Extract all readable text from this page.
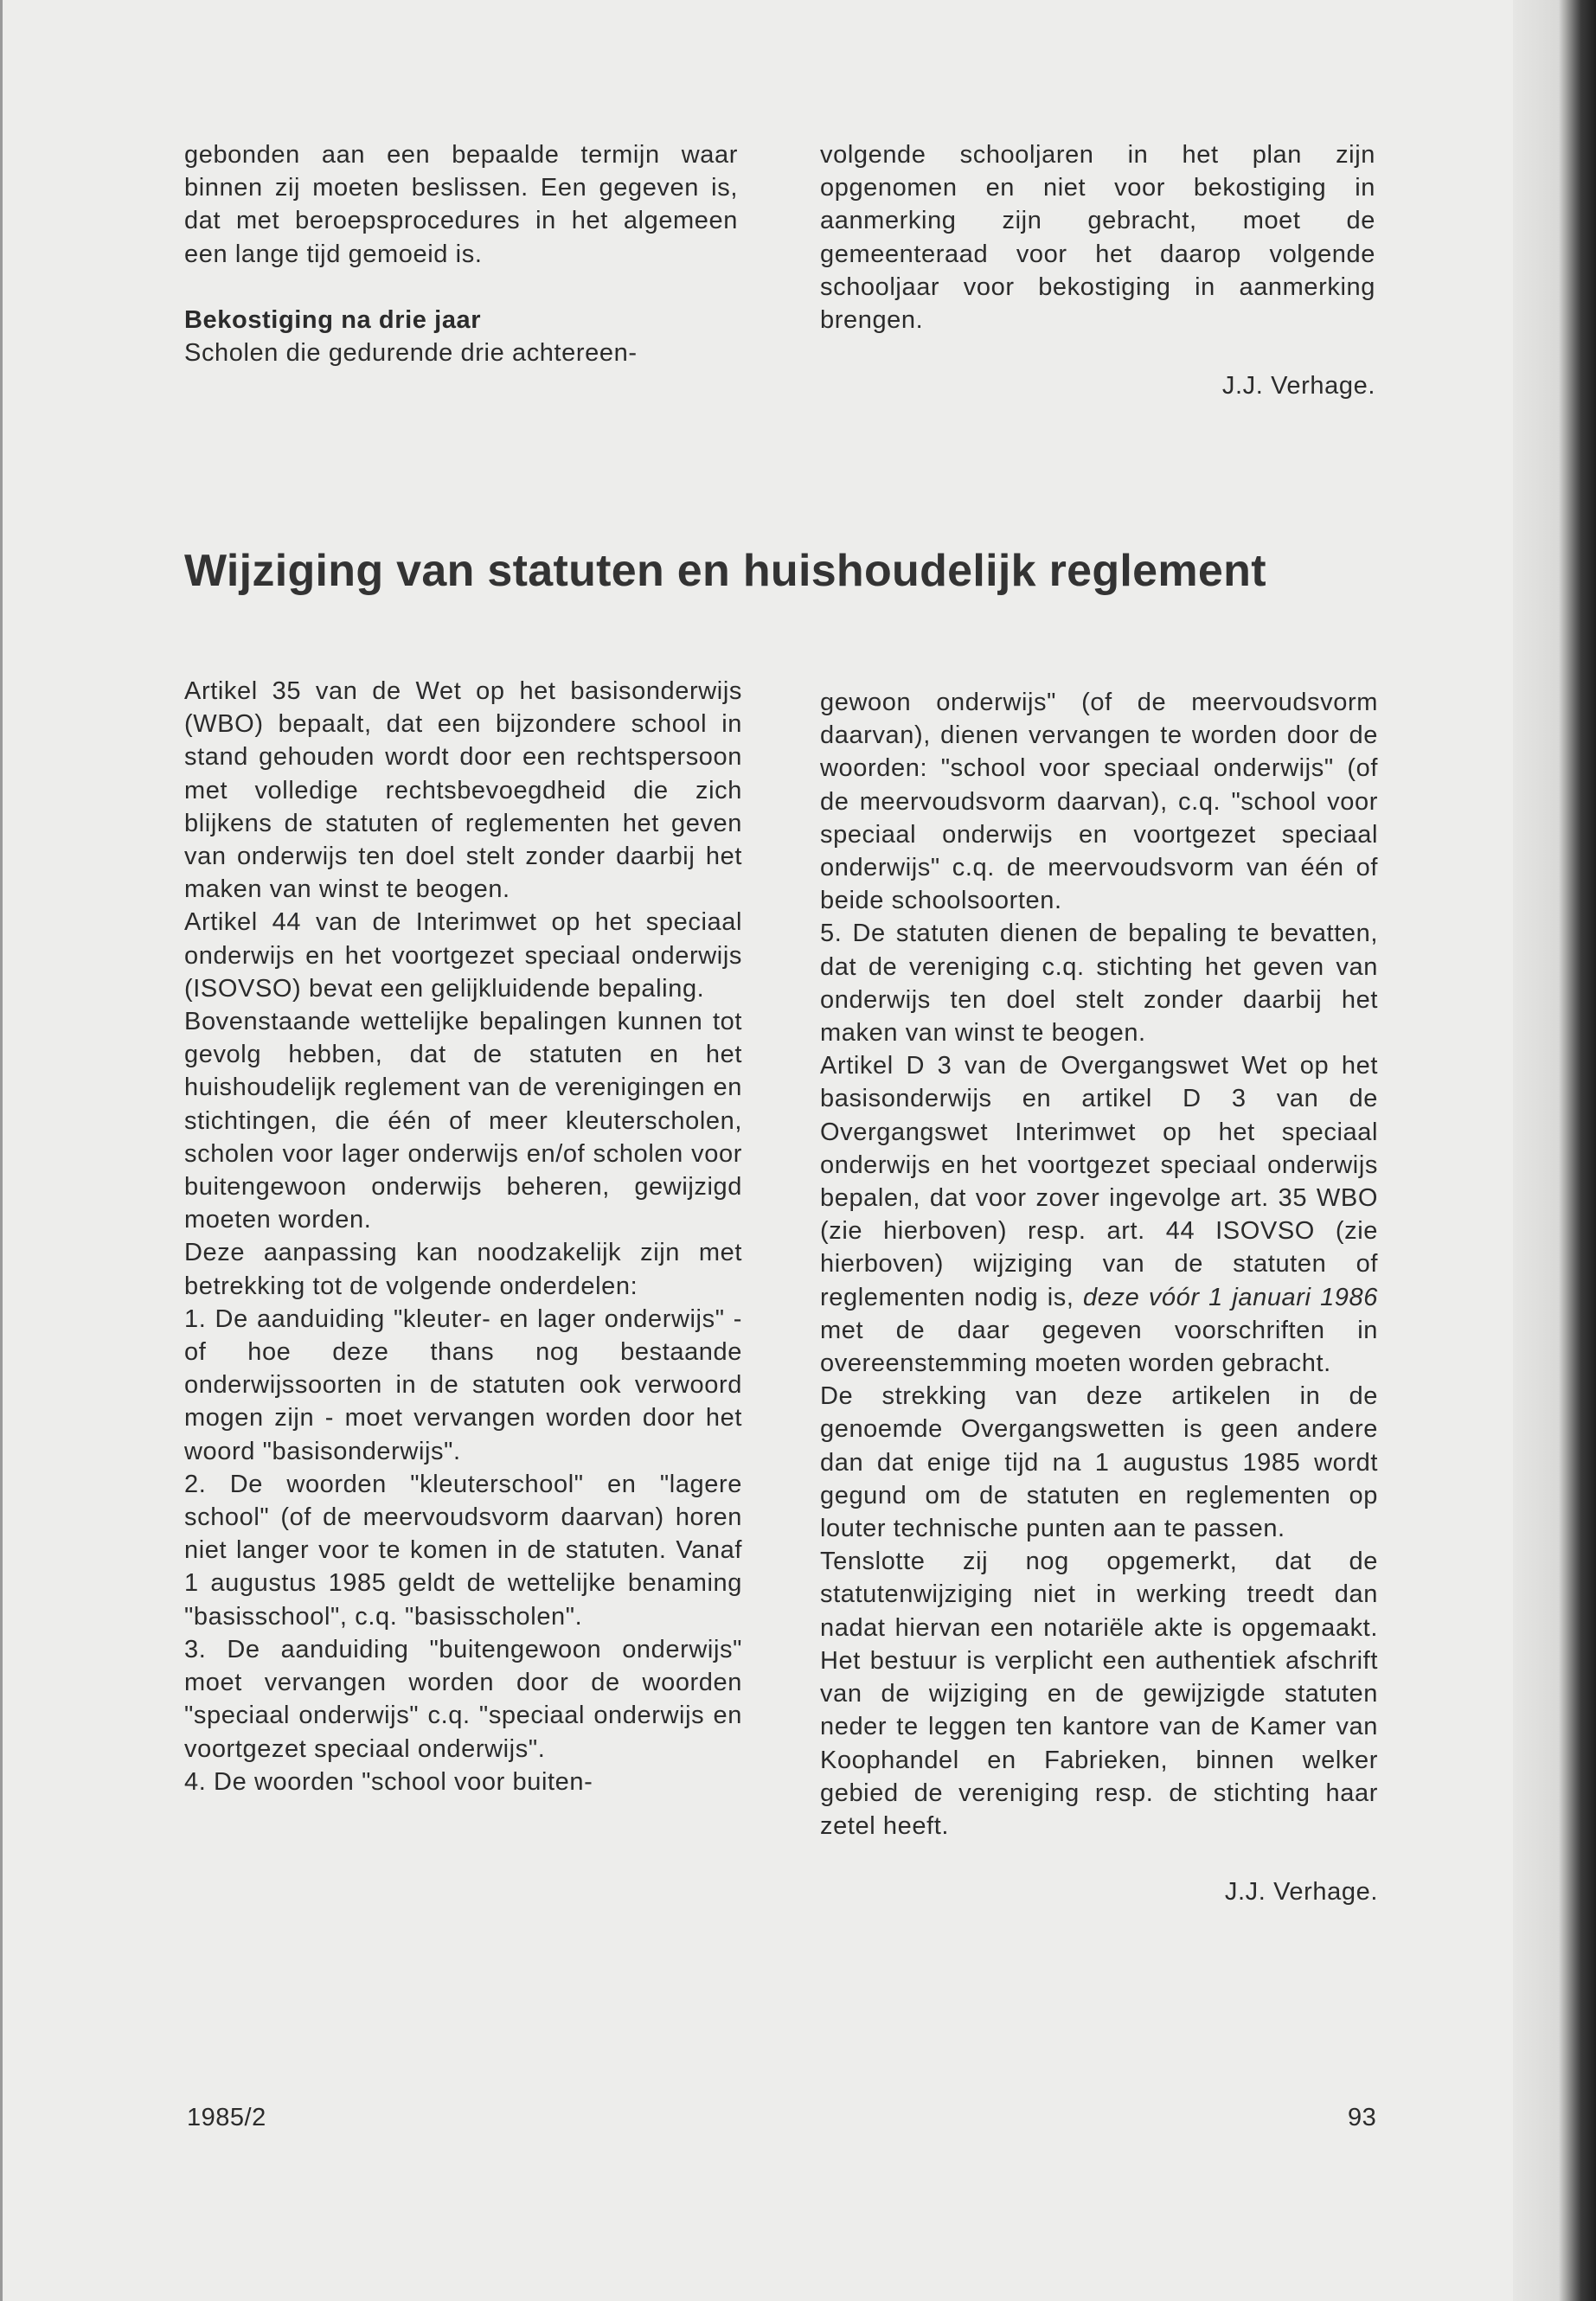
gebonden aan een bepaalde termijn waar binnen zij moeten beslissen. Een gegeven is, dat met beroepsprocedures in het algemeen een lange tijd gemoeid is.

Bekostiging na drie jaar

Scholen die gedurende drie achtereen-

volgende schooljaren in het plan zijn opgenomen en niet voor bekostiging in aanmerking zijn gebracht, moet de gemeenteraad voor het daarop volgende schooljaar voor bekostiging in aanmerking brengen.

J.J. Verhage.

Wijziging van statuten en huishoudelijk reglement

Artikel 35 van de Wet op het basisonderwijs (WBO) bepaalt, dat een bijzondere school in stand gehouden wordt door een rechtspersoon met volledige rechtsbevoegdheid die zich blijkens de statuten of reglementen het geven van onderwijs ten doel stelt zonder daarbij het maken van winst te beogen.

Artikel 44 van de Interimwet op het speciaal onderwijs en het voortgezet speciaal onderwijs (ISOVSO) bevat een gelijkluidende bepaling.

Bovenstaande wettelijke bepalingen kunnen tot gevolg hebben, dat de statuten en het huishoudelijk reglement van de verenigingen en stichtingen, die één of meer kleuterscholen, scholen voor lager onderwijs en/of scholen voor buitengewoon onderwijs beheren, gewijzigd moeten worden.

Deze aanpassing kan noodzakelijk zijn met betrekking tot de volgende onderdelen:

1. De aanduiding "kleuter- en lager onderwijs" - of hoe deze thans nog bestaande onderwijssoorten in de statuten ook verwoord mogen zijn - moet vervangen worden door het woord "basisonderwijs".

2. De woorden "kleuterschool" en "lagere school" (of de meervoudsvorm daarvan) horen niet langer voor te komen in de statuten. Vanaf 1 augustus 1985 geldt de wettelijke benaming "basisschool", c.q. "basisscholen".

3. De aanduiding "buitengewoon onderwijs" moet vervangen worden door de woorden "speciaal onderwijs" c.q. "speciaal onderwijs en voortgezet speciaal onderwijs".

4. De woorden "school voor buiten-

gewoon onderwijs" (of de meervoudsvorm daarvan), dienen vervangen te worden door de woorden: "school voor speciaal onderwijs" (of de meervoudsvorm daarvan), c.q. "school voor speciaal onderwijs en voortgezet speciaal onderwijs" c.q. de meervoudsvorm van één of beide schoolsoorten.

5. De statuten dienen de bepaling te bevatten, dat de vereniging c.q. stichting het geven van onderwijs ten doel stelt zonder daarbij het maken van winst te beogen.

Artikel D 3 van de Overgangswet Wet op het basisonderwijs en artikel D 3 van de Overgangswet Interimwet op het speciaal onderwijs en het voortgezet speciaal onderwijs bepalen, dat voor zover ingevolge art. 35 WBO (zie hierboven) resp. art. 44 ISOVSO (zie hierboven) wijziging van de statuten of reglementen nodig is, deze vóór 1 januari 1986 met de daar gegeven voorschriften in overeenstemming moeten worden gebracht.

De strekking van deze artikelen in de genoemde Overgangswetten is geen andere dan dat enige tijd na 1 augustus 1985 wordt gegund om de statuten en reglementen op louter technische punten aan te passen.

Tenslotte zij nog opgemerkt, dat de statutenwijziging niet in werking treedt dan nadat hiervan een notariële akte is opgemaakt. Het bestuur is verplicht een authentiek afschrift van de wijziging en de gewijzigde statuten neder te leggen ten kantore van de Kamer van Koophandel en Fabrieken, binnen welker gebied de vereniging resp. de stichting haar zetel heeft.

J.J. Verhage.

1985/2	93
